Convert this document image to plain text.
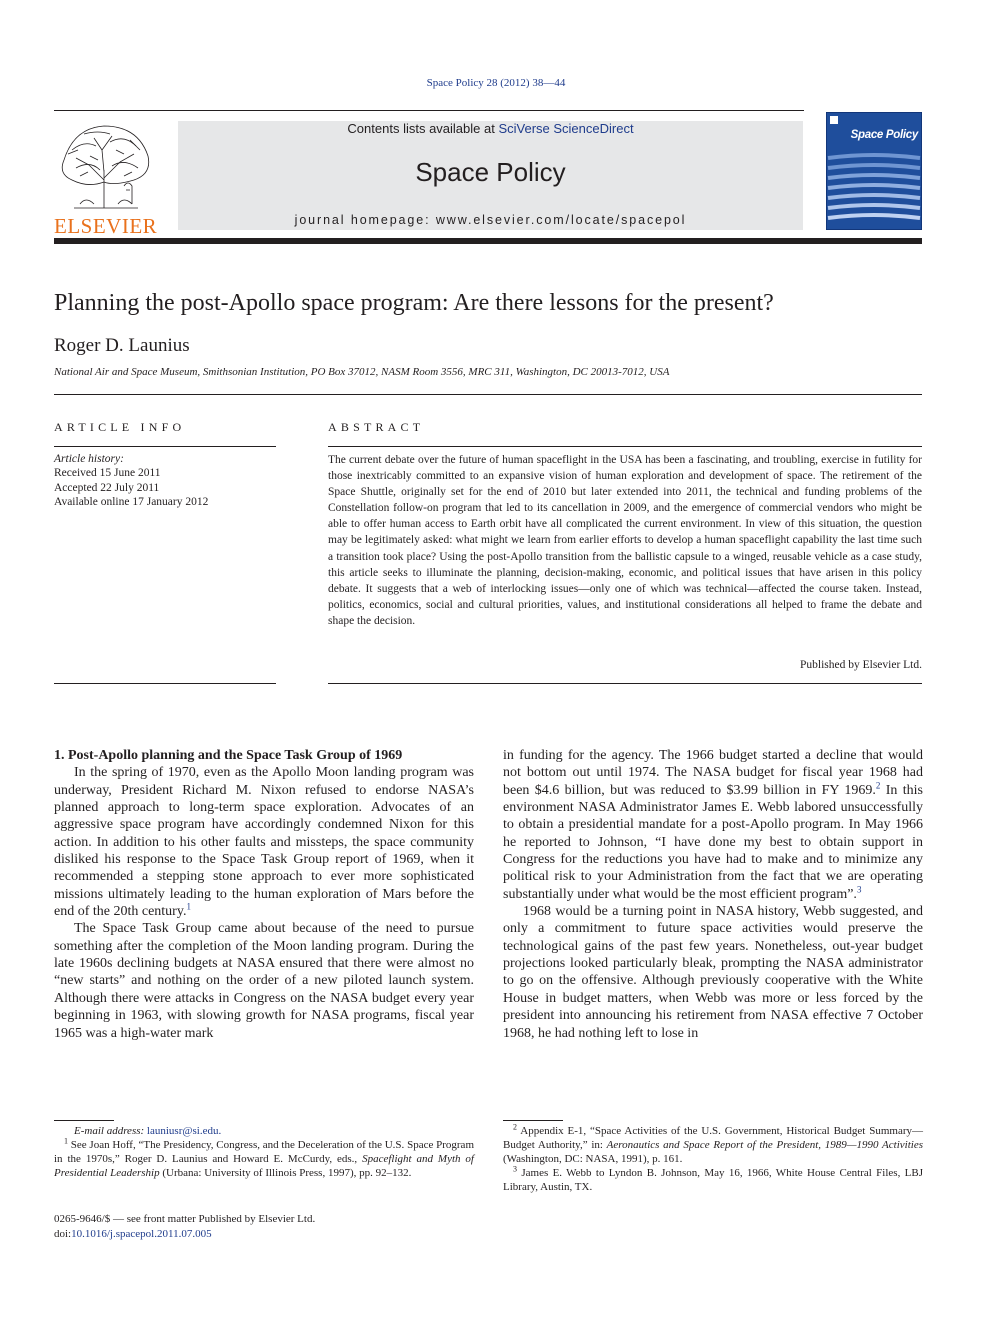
Space Policy 28 (2012) 38—44
ELSEVIER
Contents lists available at SciVerse ScienceDirect
Space Policy
journal homepage: www.elsevier.com/locate/spacepol
Space Policy
Planning the post-Apollo space program: Are there lessons for the present?
Roger D. Launius
National Air and Space Museum, Smithsonian Institution, PO Box 37012, NASM Room 3556, MRC 311, Washington, DC 20013-7012, USA
ARTICLE INFO
Article history:
Received 15 June 2011
Accepted 22 July 2011
Available online 17 January 2012
ABSTRACT
The current debate over the future of human spaceflight in the USA has been a fascinating, and troubling, exercise in futility for those inextricably committed to an expansive vision of human exploration and development of space. The retirement of the Space Shuttle, originally set for the end of 2010 but later extended into 2011, the technical and funding problems of the Constellation follow-on program that led to its cancellation in 2009, and the emergence of commercial vendors who might be able to offer human access to Earth orbit have all complicated the current environment. In view of this situation, the question may be legitimately asked: what might we learn from earlier efforts to develop a human spaceflight capability the last time such a transition took place? Using the post-Apollo transition from the ballistic capsule to a winged, reusable vehicle as a case study, this article seeks to illuminate the planning, decision-making, economic, and political issues that have arisen in this policy debate. It suggests that a web of interlocking issues—only one of which was technical—affected the course taken. Instead, politics, economics, social and cultural priorities, values, and institutional considerations all helped to frame the debate and shape the decision.
Published by Elsevier Ltd.

1. Post-Apollo planning and the Space Task Group of 1969

In the spring of 1970, even as the Apollo Moon landing program was underway, President Richard M. Nixon refused to endorse NASA’s planned approach to long-term space exploration. Advocates of an aggressive space program have accordingly condemned Nixon for this action. In addition to his other faults and missteps, the space community disliked his response to the Space Task Group report of 1969, when it recommended a stepping stone approach to ever more sophisticated missions ultimately leading to the human exploration of Mars before the end of the 20th century.$^1$

The Space Task Group came about because of the need to pursue something after the completion of the Moon landing program. During the late 1960s declining budgets at NASA ensured that there were almost no “new starts” and nothing on the order of a new piloted launch system. Although there were attacks in Congress on the NASA budget every year beginning in 1963, with slowing growth for NASA programs, fiscal year 1965 was a high-water mark

in funding for the agency. The 1966 budget started a decline that would not bottom out until 1974. The NASA budget for fiscal year 1968 had been $4.6 billion, but was reduced to $3.99 billion in FY 1969.$^2$ In this environment NASA Administrator James E. Webb labored unsuccessfully to obtain a presidential mandate for a post-Apollo program. In May 1966 he reported to Johnson, “I have done my best to obtain support in Congress for the reductions you have had to make and to minimize any political risk to your Administration from the fact that we are operating substantially under what would be the most efficient program”.$^3$

1968 would be a turning point in NASA history, Webb suggested, and only a commitment to future space activities would preserve the technological gains of the past few years. Nonetheless, out-year budget projections looked particularly bleak, prompting the NASA administrator to go on the offensive. Although previously cooperative with the White House in budget matters, when Webb was more or less forced by the president into announcing his retirement from NASA effective 7 October 1968, he had nothing left to lose in

E-mail address: launiusr@si.edu.

$^1$ See Joan Hoff, “The Presidency, Congress, and the Deceleration of the U.S. Space Program in the 1970s,” Roger D. Launius and Howard E. McCurdy, eds., Spaceflight and Myth of Presidential Leadership (Urbana: University of Illinois Press, 1997), pp. 92–132.

$^2$ Appendix E-1, “Space Activities of the U.S. Government, Historical Budget Summary—Budget Authority,” in: Aeronautics and Space Report of the President, 1989—1990 Activities (Washington, DC: NASA, 1991), p. 161.

$^3$ James E. Webb to Lyndon B. Johnson, May 16, 1966, White House Central Files, LBJ Library, Austin, TX.

0265-9646/$ — see front matter Published by Elsevier Ltd.
doi:10.1016/j.spacepol.2011.07.005
